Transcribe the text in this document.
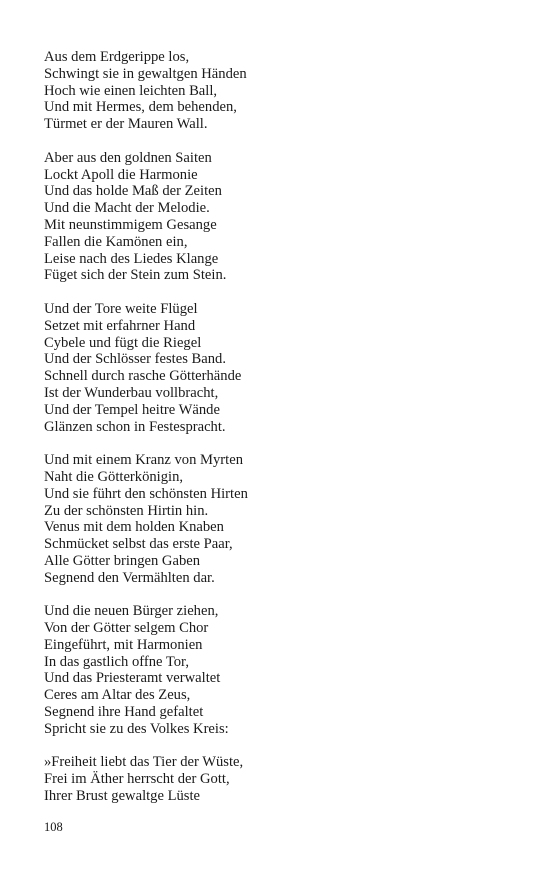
Aus dem Erdgerippe los,
Schwingt sie in gewaltgen Händen
Hoch wie einen leichten Ball,
Und mit Hermes, dem behenden,
Türmet er der Mauren Wall.
Aber aus den goldnen Saiten
Lockt Apoll die Harmonie
Und das holde Maß der Zeiten
Und die Macht der Melodie.
Mit neunstimmigem Gesange
Fallen die Kamönen ein,
Leise nach des Liedes Klange
Füget sich der Stein zum Stein.
Und der Tore weite Flügel
Setzet mit erfahrner Hand
Cybele und fügt die Riegel
Und der Schlösser festes Band.
Schnell durch rasche Götterhände
Ist der Wunderbau vollbracht,
Und der Tempel heitre Wände
Glänzen schon in Festespracht.
Und mit einem Kranz von Myrten
Naht die Götterkönigin,
Und sie führt den schönsten Hirten
Zu der schönsten Hirtin hin.
Venus mit dem holden Knaben
Schmücket selbst das erste Paar,
Alle Götter bringen Gaben
Segnend den Vermählten dar.
Und die neuen Bürger ziehen,
Von der Götter selgem Chor
Eingeführt, mit Harmonien
In das gastlich offne Tor,
Und das Priesteramt verwaltet
Ceres am Altar des Zeus,
Segnend ihre Hand gefaltet
Spricht sie zu des Volkes Kreis:
»Freiheit liebt das Tier der Wüste,
Frei im Äther herrscht der Gott,
Ihrer Brust gewaltge Lüste
108
